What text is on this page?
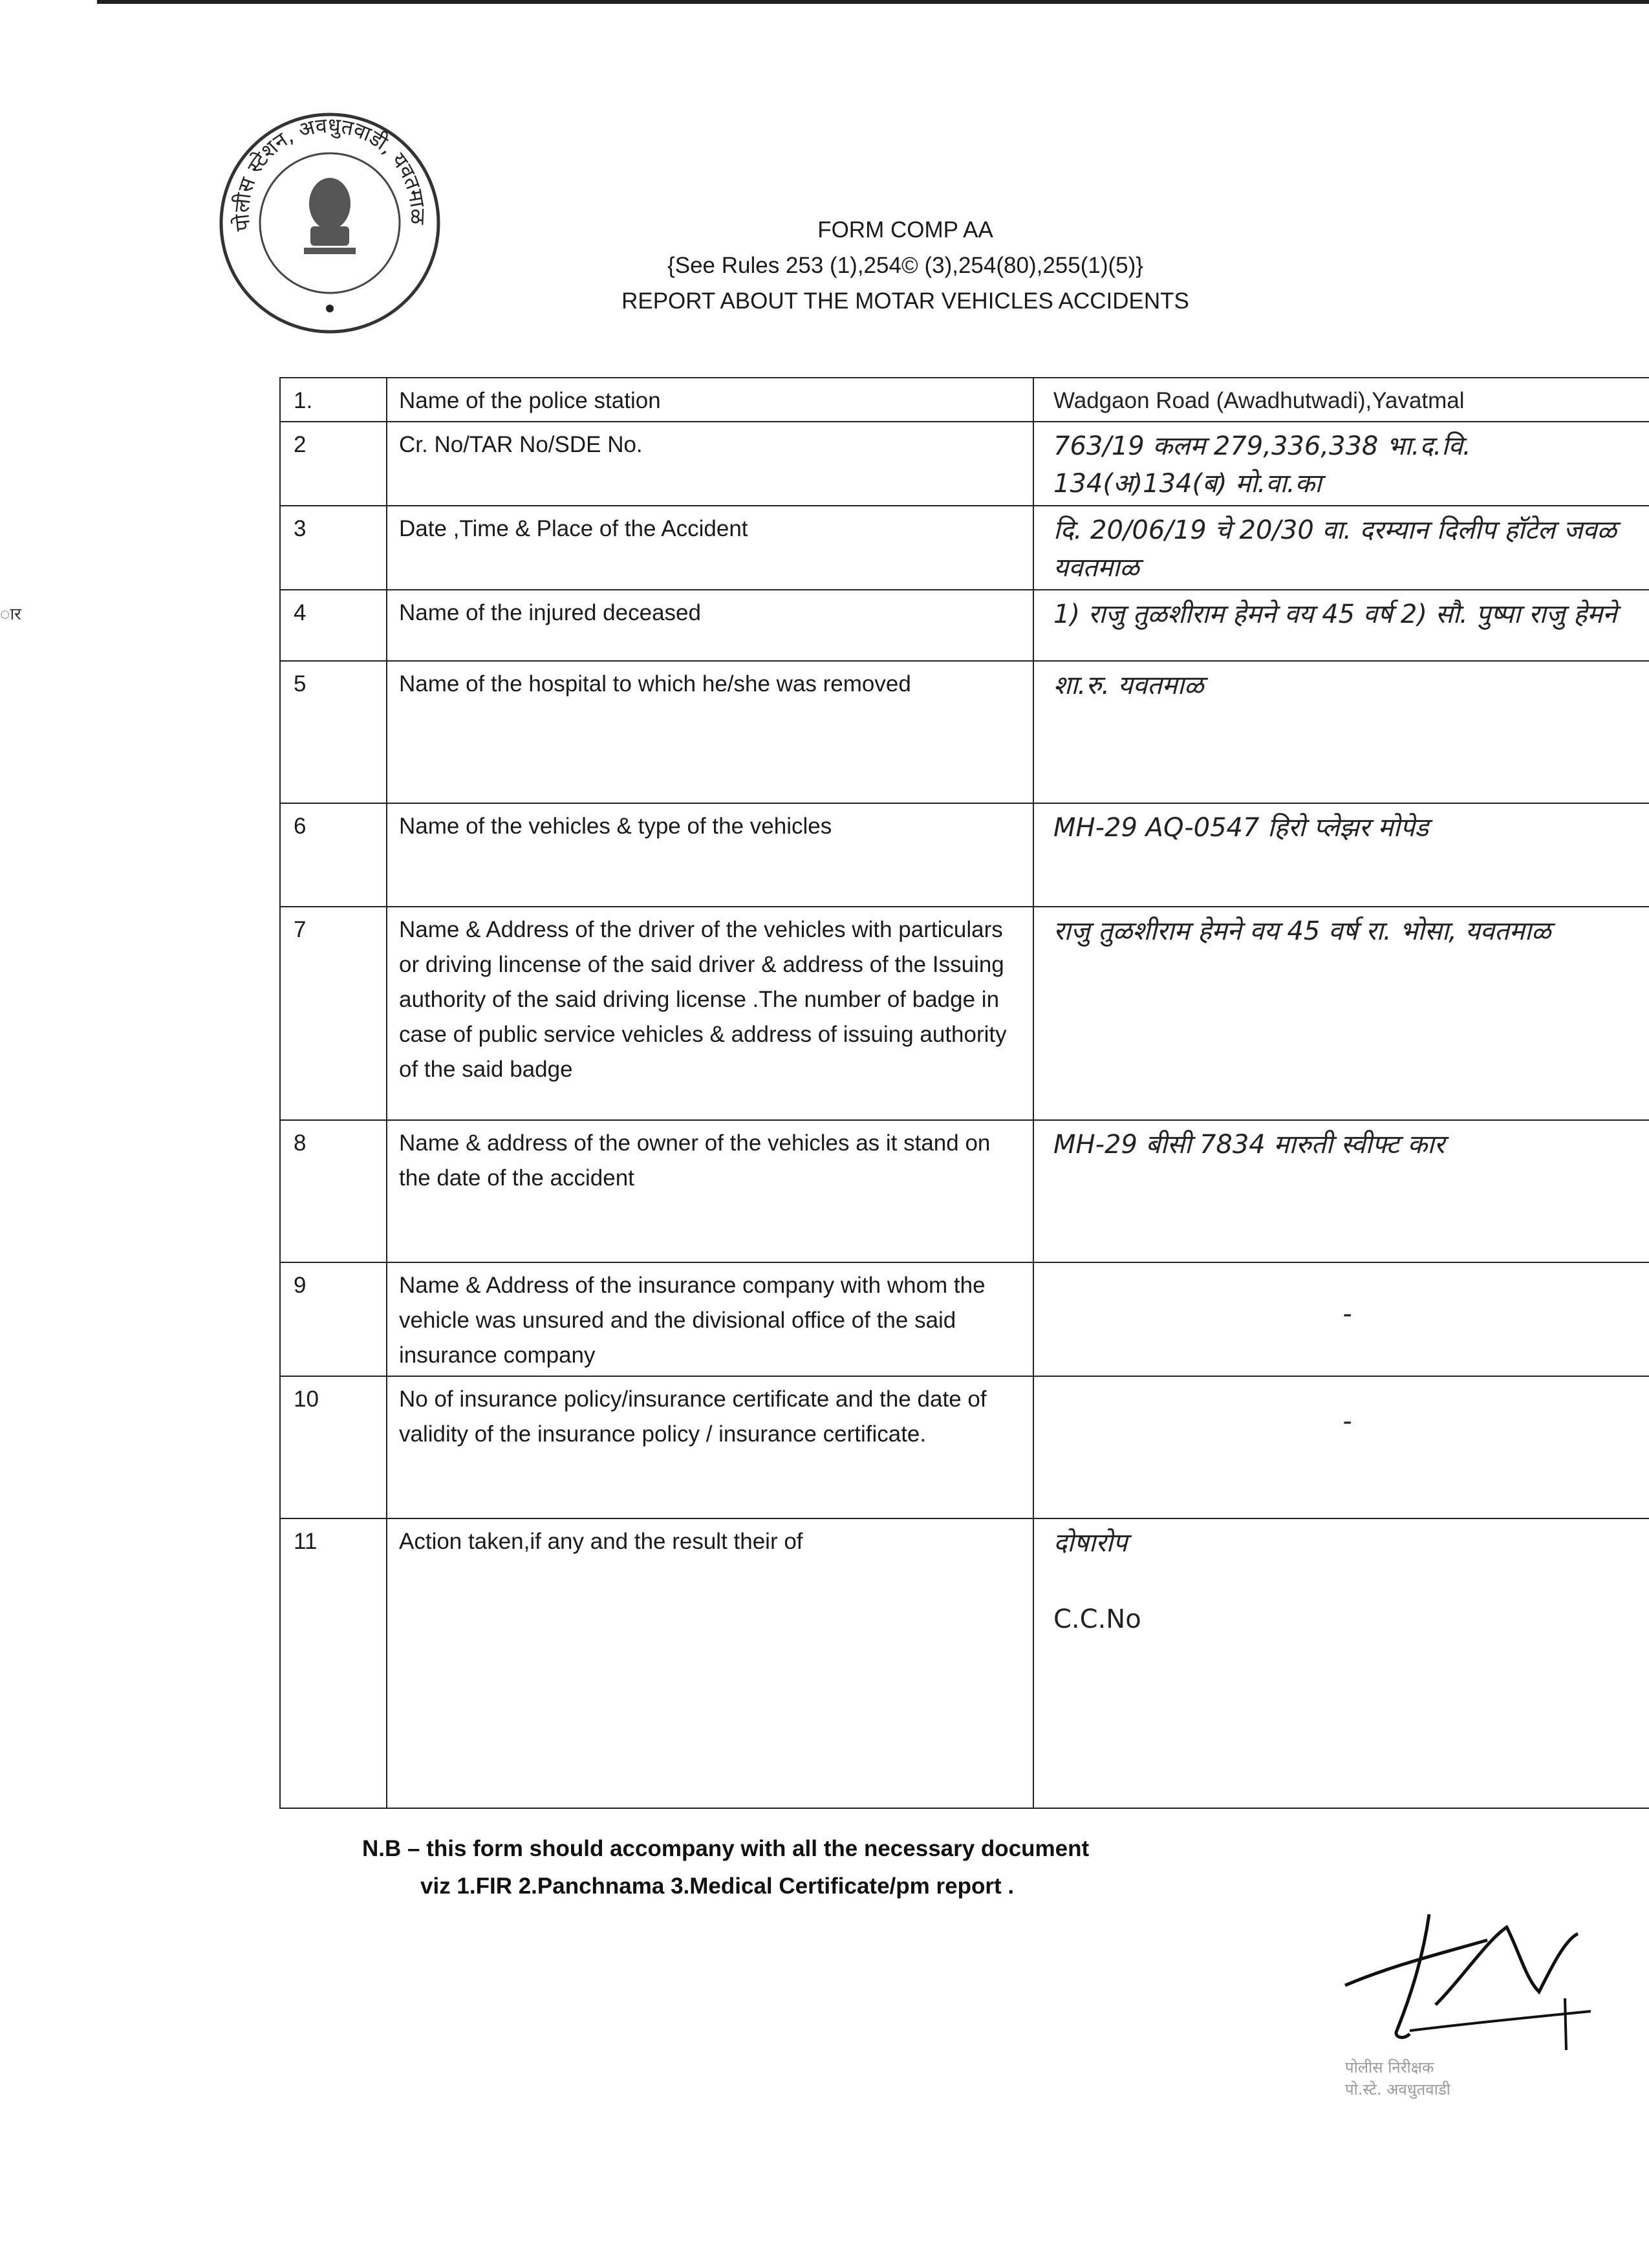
ार
पोलीस स्टेशन, अवधुतवाडी, यवतमाळ
FORM COMP AA
{See Rules 253 (1),254© (3),254(80),255(1)(5)}
REPORT ABOUT THE MOTAR VEHICLES ACCIDENTS
1.	Name of the police station	Wadgaon Road (Awadhutwadi),Yavatmal
2	Cr. No/TAR No/SDE No.	763/19 कलम 279,336,338 भा.द.वि. 134(अ)134(ब) मो.वा.का
3	Date ,Time & Place of the Accident	दि. 20/06/19 चे 20/30 वा. दरम्यान दिलीप हॉटेल जवळ यवतमाळ
4	Name of the injured deceased	1) राजु तुळशीराम हेमने वय 45 वर्ष 2) सौ. पुष्पा राजु हेमने
5	Name of the hospital to which he/she was removed	शा.रु. यवतमाळ
6	Name of the vehicles & type of the vehicles	MH-29 AQ-0547 हिरो प्लेझर मोपेड
7	Name & Address of the driver of the vehicles with particulars or driving lincense of the said driver & address of the Issuing authority of the said driving license .The number of badge in case of public service vehicles & address of issuing authority of the said badge	राजु तुळशीराम हेमने वय 45 वर्ष रा. भोसा, यवतमाळ
8	Name & address of the owner of the vehicles as it stand on the date of the accident	MH-29 बीसी 7834 मारुती स्वीफ्ट कार
9	Name & Address of the insurance company with whom the vehicle was unsured and the divisional office of the said insurance company	-
10	No of insurance policy/insurance certificate and the date of validity of the insurance policy / insurance certificate.	-
11	Action taken,if any and the result their of	दोषारोप
C.C.No
N.B – this form should accompany with all the necessary document
viz 1.FIR 2.Panchnama 3.Medical Certificate/pm report .
पोलीस निरीक्षक
पो.स्टे. अवधुतवाडी
